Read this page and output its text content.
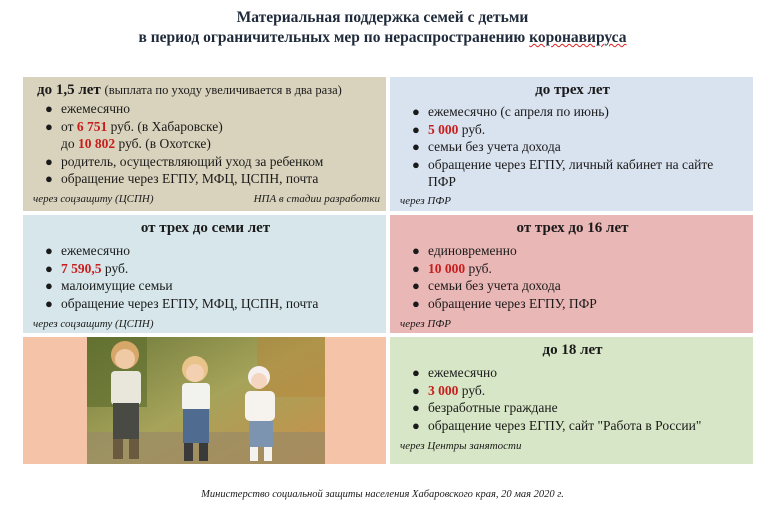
Материальная поддержка семей с детьми
в период ограничительных мер по нераспространению коронавируса
до 1,5 лет (выплата по уходу увеличивается в два раза)
● ежемесячно
● от 6 751 руб. (в Хабаровске)
до 10 802 руб. (в Охотске)
● родитель, осуществляющий уход за ребенком
● обращение через ЕГПУ, МФЦ, ЦСПН, почта
через соцзащиту (ЦСПН)	НПА в стадии разработки
до трех лет
● ежемесячно (с апреля по июнь)
● 5 000 руб.
● семьи без учета дохода
● обращение через ЕГПУ, личный кабинет на сайте
ПФР
через ПФР
от трех до семи лет
● ежемесячно
● 7 590,5 руб.
● малоимущие семьи
● обращение через ЕГПУ, МФЦ, ЦСПН, почта
через соцзащиту (ЦСПН)
от трех до 16 лет
● единовременно
● 10 000 руб.
● семьи без учета дохода
● обращение через ЕГПУ, ПФР
через ПФР
до 18 лет
● ежемесячно
● 3 000 руб.
● безработные граждане
● обращение через ЕГПУ, сайт "Работа в России"
через Центры занятости
Министерство социальной защиты населения Хабаровского края, 20 мая 2020 г.
